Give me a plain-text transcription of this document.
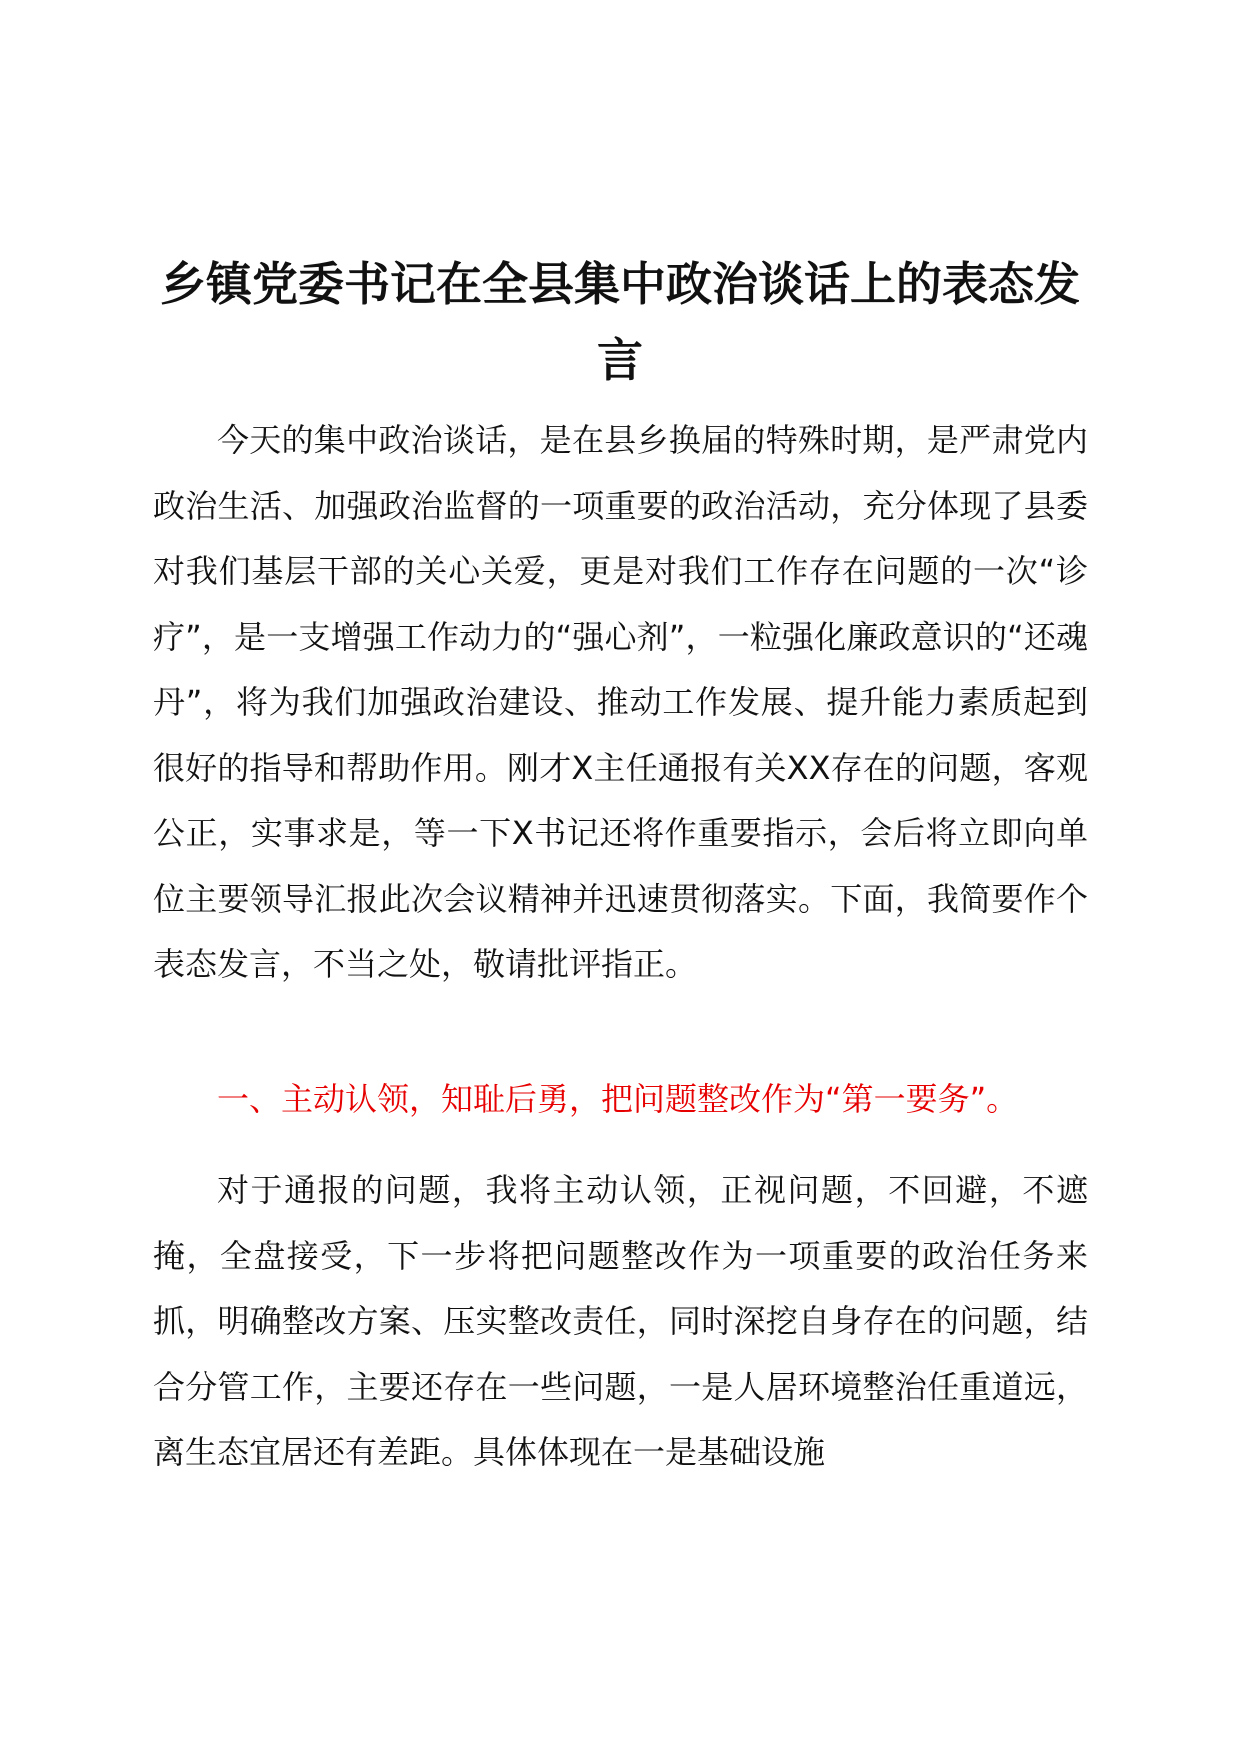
乡镇党委书记在全县集中政治谈话上的表态发言

今天的集中政治谈话，是在县乡换届的特殊时期，是严肃党内政治生活、加强政治监督的一项重要的政治活动，充分体现了县委对我们基层干部的关心关爱，更是对我们工作存在问题的一次“诊疗”，是一支增强工作动力的“强心剂”，一粒强化廉政意识的“还魂丹”，将为我们加强政治建设、推动工作发展、提升能力素质起到很好的指导和帮助作用。刚才X主任通报有关XX存在的问题，客观公正，实事求是，等一下X书记还将作重要指示，会后将立即向单位主要领导汇报此次会议精神并迅速贯彻落实。下面，我简要作个表态发言，不当之处，敬请批评指正。

一、主动认领，知耻后勇，把问题整改作为“第一要务”。

对于通报的问题，我将主动认领，正视问题，不回避，不遮掩，全盘接受，下一步将把问题整改作为一项重要的政治任务来抓，明确整改方案、压实整改责任，同时深挖自身存在的问题，结合分管工作，主要还存在一些问题，一是人居环境整治任重道远，离生态宜居还有差距。具体体现在一是基础设施
